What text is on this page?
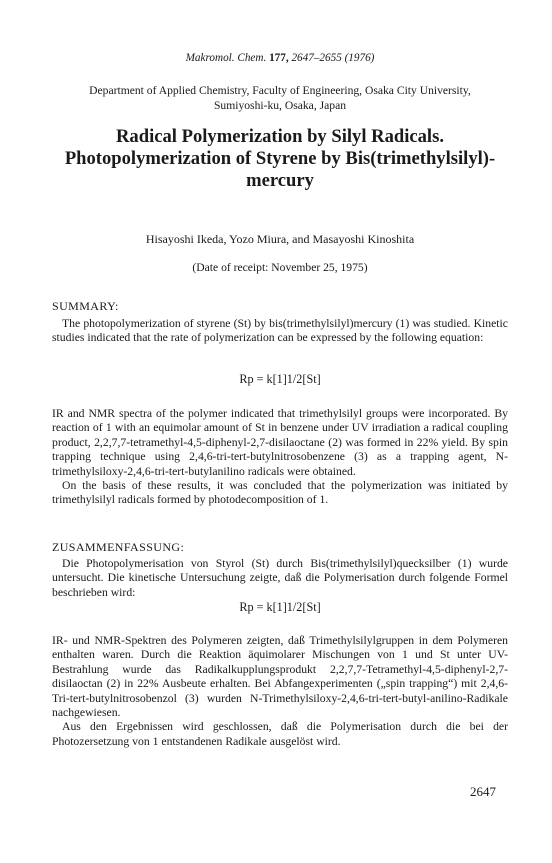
Makromol. Chem. 177, 2647–2655 (1976)
Department of Applied Chemistry, Faculty of Engineering, Osaka City University,
Sumiyoshi-ku, Osaka, Japan
Radical Polymerization by Silyl Radicals.
Photopolymerization of Styrene by Bis(trimethylsilyl)-
mercury
Hisayoshi Ikeda, Yozo Miura, and Masayoshi Kinoshita
(Date of receipt: November 25, 1975)
SUMMARY:

The photopolymerization of styrene (St) by bis(trimethylsilyl)mercury (1) was studied. Kinetic studies indicated that the rate of polymerization can be expressed by the following equation:

Rp = k[1]1/2[St]

IR and NMR spectra of the polymer indicated that trimethylsilyl groups were incorporated. By reaction of 1 with an equimolar amount of St in benzene under UV irradiation a radical coupling product, 2,2,7,7-tetramethyl-4,5-diphenyl-2,7-disilaoctane (2) was formed in 22% yield. By spin trapping technique using 2,4,6-tri-tert-butylnitrosobenzene (3) as a trapping agent, N-trimethylsiloxy-2,4,6-tri-tert-butylanilino radicals were obtained.

On the basis of these results, it was concluded that the polymerization was initiated by trimethylsilyl radicals formed by photodecomposition of 1.

ZUSAMMENFASSUNG:

Die Photopolymerisation von Styrol (St) durch Bis(trimethylsilyl)quecksilber (1) wurde untersucht. Die kinetische Untersuchung zeigte, daß die Polymerisation durch folgende Formel beschrieben wird:

Rp = k[1]1/2[St]

IR- und NMR-Spektren des Polymeren zeigten, daß Trimethylsilylgruppen in dem Polymeren enthalten waren. Durch die Reaktion äquimolarer Mischungen von 1 und St unter UV-Bestrahlung wurde das Radikalkupplungsprodukt 2,2,7,7-Tetramethyl-4,5-diphenyl-2,7-disilaoctan (2) in 22% Ausbeute erhalten. Bei Abfangexperimenten („spin trapping“) mit 2,4,6-Tri-tert-butylnitrosobenzol (3) wurden N-Trimethylsiloxy-2,4,6-tri-tert-butyl-anilino-Radikale nachgewiesen.

Aus den Ergebnissen wird geschlossen, daß die Polymerisation durch die bei der Photozersetzung von 1 entstandenen Radikale ausgelöst wird.

2647
